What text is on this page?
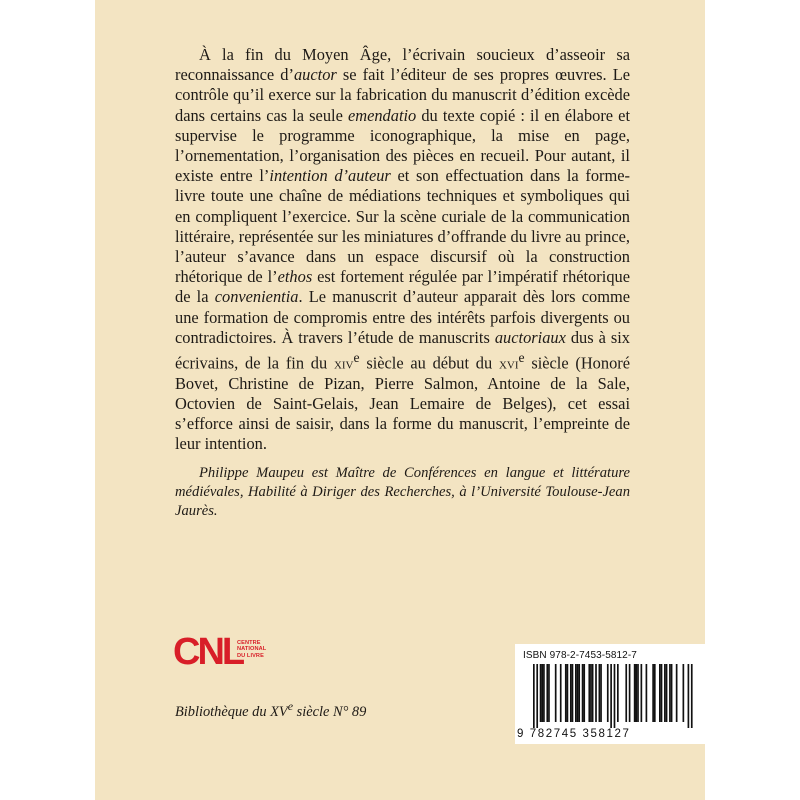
À la fin du Moyen Âge, l’écrivain soucieux d’asseoir sa reconnaissance d’auctor se fait l’éditeur de ses propres œuvres. Le contrôle qu’il exerce sur la fabrication du manuscrit d’édition excède dans certains cas la seule emendatio du texte copié : il en élabore et supervise le programme iconographique, la mise en page, l’ornementation, l’organisation des pièces en recueil. Pour autant, il existe entre l’intention d’auteur et son effectuation dans la forme-livre toute une chaîne de médiations techniques et symboliques qui en compliquent l’exercice. Sur la scène curiale de la communication littéraire, représentée sur les miniatures d’offrande du livre au prince, l’auteur s’avance dans un espace discursif où la construction rhétorique de l’ethos est fortement régulée par l’impératif rhétorique de la convenientia. Le manuscrit d’auteur apparait dès lors comme une formation de compromis entre des intérêts parfois divergents ou contradictoires. À travers l’étude de manuscrits auctoriaux dus à six écrivains, de la fin du xiv$^e$ siècle au début du xvi$^e$ siècle (Honoré Bovet, Christine de Pizan, Pierre Salmon, Antoine de la Sale, Octovien de Saint-Gelais, Jean Lemaire de Belges), cet essai s’efforce ainsi de saisir, dans la forme du manuscrit, l’empreinte de leur intention.

Philippe Maupeu est Maître de Conférences en langue et littérature médiévales, Habilité à Diriger des Recherches, à l’Université Toulouse-Jean Jaurès.

CNL
CENTRE
NATIONAL
DU LIVRE
Bibliothèque du XVe siècle N° 89
ISBN 978-2-7453-5812-7
9 782745 358127
